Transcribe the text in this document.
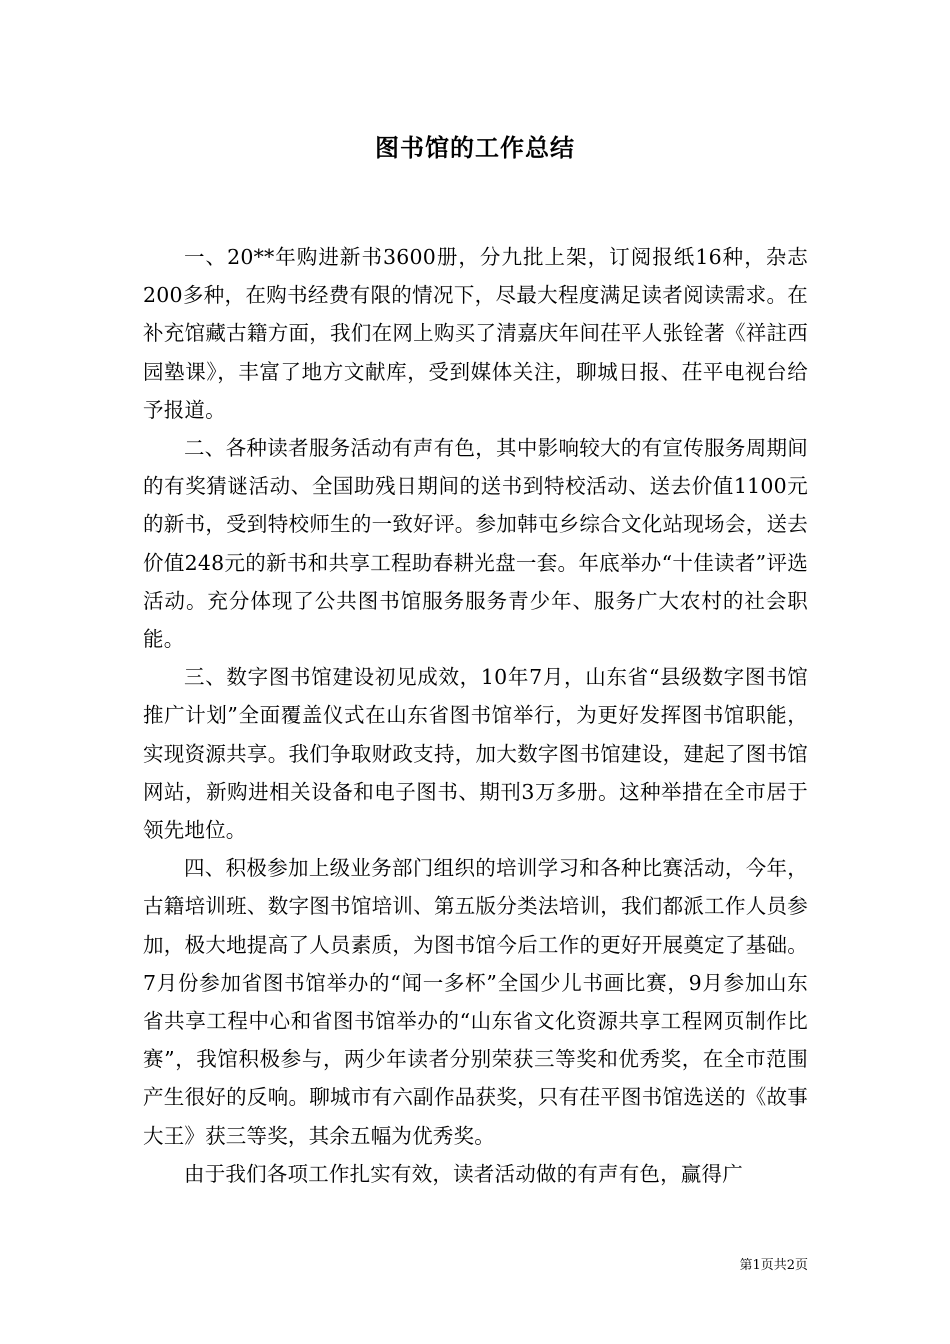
图书馆的工作总结

一、20**年购进新书3600册，分九批上架，订阅报纸16种，杂志200多种，在购书经费有限的情况下，尽最大程度满足读者阅读需求。在补充馆藏古籍方面，我们在网上购买了清嘉庆年间茌平人张铨著《祥註西园塾课》，丰富了地方文献库，受到媒体关注，聊城日报、茌平电视台给予报道。

二、各种读者服务活动有声有色，其中影响较大的有宣传服务周期间的有奖猜谜活动、全国助残日期间的送书到特校活动、送去价值1100元的新书，受到特校师生的一致好评。参加韩屯乡综合文化站现场会，送去价值248元的新书和共享工程助春耕光盘一套。年底举办“十佳读者”评选活动。充分体现了公共图书馆服务服务青少年、服务广大农村的社会职能。

三、数字图书馆建设初见成效，10年7月，山东省“县级数字图书馆推广计划”全面覆盖仪式在山东省图书馆举行，为更好发挥图书馆职能，实现资源共享。我们争取财政支持，加大数字图书馆建设，建起了图书馆网站，新购进相关设备和电子图书、期刊3万多册。这种举措在全市居于领先地位。

四、积极参加上级业务部门组织的培训学习和各种比赛活动，今年，古籍培训班、数字图书馆培训、第五版分类法培训，我们都派工作人员参加，极大地提高了人员素质，为图书馆今后工作的更好开展奠定了基础。7月份参加省图书馆举办的“闻一多杯”全国少儿书画比赛，9月参加山东省共享工程中心和省图书馆举办的“山东省文化资源共享工程网页制作比赛”，我馆积极参与，两少年读者分别荣获三等奖和优秀奖，在全市范围产生很好的反响。聊城市有六副作品获奖，只有茌平图书馆选送的《故事大王》获三等奖，其余五幅为优秀奖。

由于我们各项工作扎实有效，读者活动做的有声有色，赢得广

第1页共2页
